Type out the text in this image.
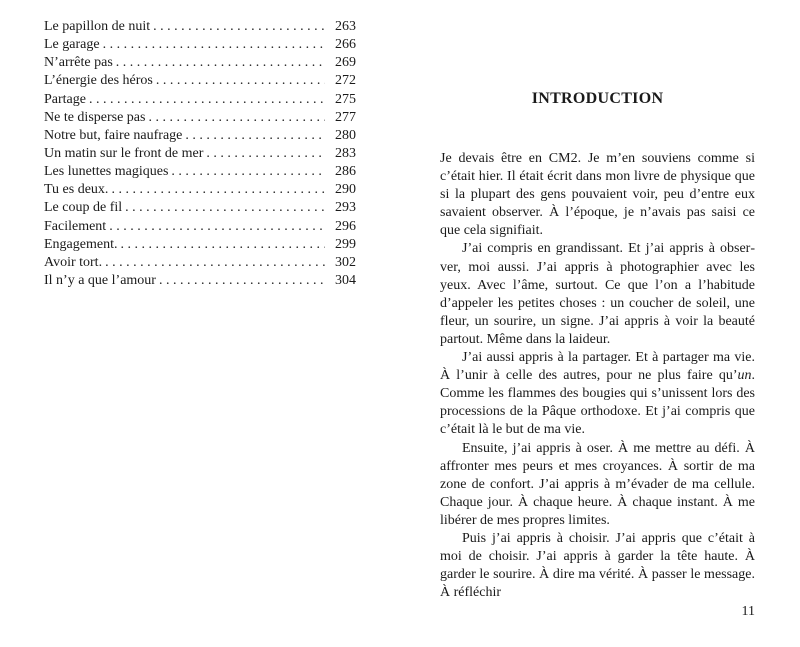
Le papillon de nuit . . .	263
Le garage . . .	266
N’arrête pas . . .	269
L’énergie des héros . . .	272
Partage . . .	275
Ne te disperse pas . . .	277
Notre but, faire naufrage . . .	280
Un matin sur le front de mer . . .	283
Les lunettes magiques . . .	286
Tu es deux. . . .	290
Le coup de fil . . .	293
Facilement . . .	296
Engagement. . . .	299
Avoir tort. . . .	302
Il n’y a que l’amour . . .	304
INTRODUCTION

Je devais être en CM2. Je m’en souviens comme si c’était hier. Il était écrit dans mon livre de physique que si la plupart des gens pouvaient voir, peu d’entre eux savaient observer. À l’époque, je n’avais pas saisi ce que cela signifiait.

J’ai compris en grandissant. Et j’ai appris à observer, moi aussi. J’ai appris à photographier avec les yeux. Avec l’âme, surtout. Ce que l’on a l’habitude d’appeler les petites choses : un coucher de soleil, une fleur, un sourire, un signe. J’ai appris à voir la beauté partout. Même dans la laideur.

J’ai aussi appris à la partager. Et à partager ma vie. À l’unir à celle des autres, pour ne plus faire qu’un. Comme les flammes des bougies qui s’unissent lors des processions de la Pâque orthodoxe. Et j’ai compris que c’était là le but de ma vie.

Ensuite, j’ai appris à oser. À me mettre au défi. À affronter mes peurs et mes croyances. À sortir de ma zone de confort. J’ai appris à m’évader de ma cellule. Chaque jour. À chaque heure. À chaque instant. À me libérer de mes propres limites.

Puis j’ai appris à choisir. J’ai appris que c’était à moi de choisir. J’ai appris à garder la tête haute. À garder le sourire. À dire ma vérité. À passer le message. À réfléchir

11
